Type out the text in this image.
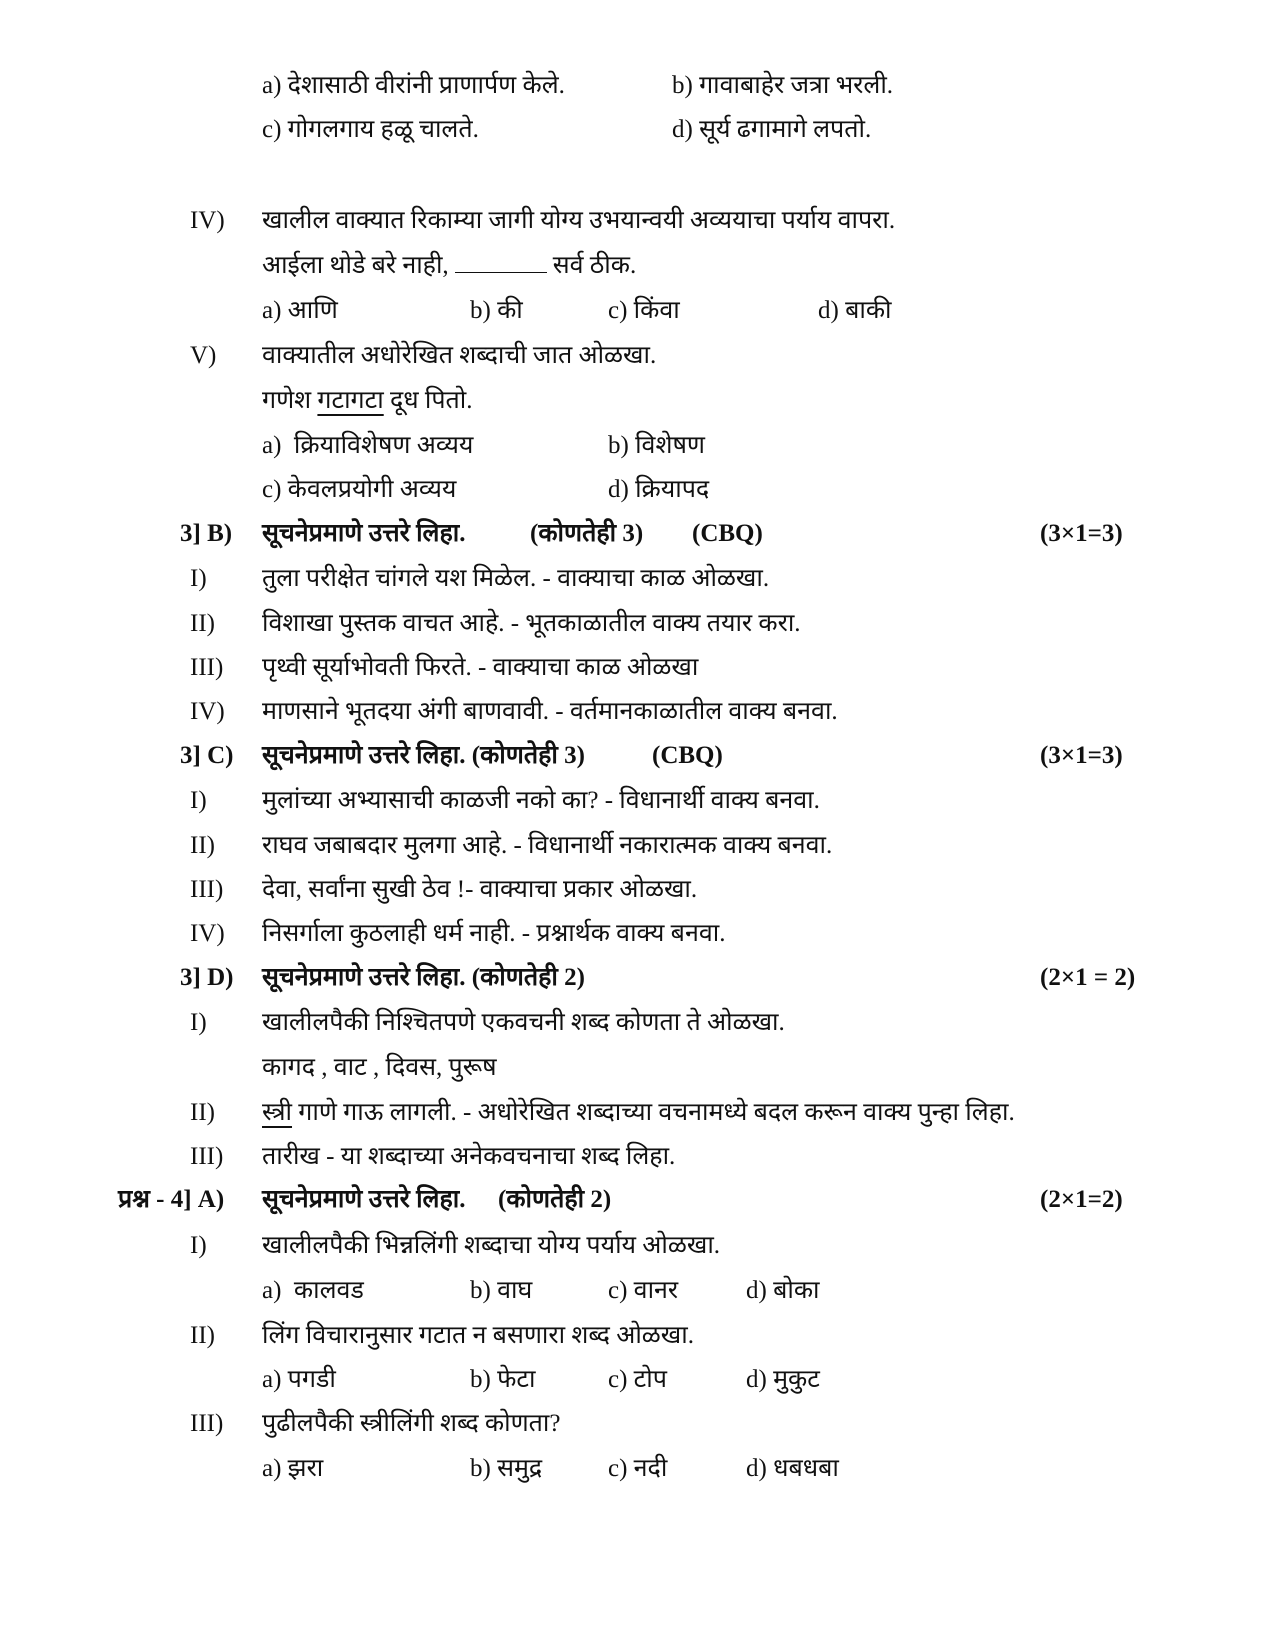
a) देशासाठी वीरांनी प्राणार्पण केले.	b) गावाबाहेर जत्रा भरली.
c) गोगलगाय हळू चालते.	d) सूर्य ढगामागे लपतो.
IV) खालील वाक्यात रिकाम्या जागी योग्य उभयान्वयी अव्ययाचा पर्याय वापरा.
आईला थोडे बरे नाही,	सर्व ठीक.
a) आणि	b) की	c) किंवा	d) बाकी
V) वाक्यातील अधोरेखित शब्दाची जात ओळखा.
गणेश गटागटा दूध पितो.
a) क्रियाविशेषण अव्यय	b) विशेषण
c) केवलप्रयोगी अव्यय	d) क्रियापद
3] B) सूचनेप्रमाणे उत्तरे लिहा.	(कोणतेही 3) (CBQ)	(3×1=3)
I) तुला परीक्षेत चांगले यश मिळेल. - वाक्याचा काळ ओळखा.
II) विशाखा पुस्तक वाचत आहे. - भूतकाळातील वाक्य तयार करा.
III) पृथ्वी सूर्याभोवती फिरते. - वाक्याचा काळ ओळखा
IV) माणसाने भूतदया अंगी बाणवावी. - वर्तमानकाळातील वाक्य बनवा.
3] C) सूचनेप्रमाणे उत्तरे लिहा. (कोणतेही 3)	(CBQ)	(3×1=3)
I) मुलांच्या अभ्यासाची काळजी नको का? - विधानार्थी वाक्य बनवा.
II) राघव जबाबदार मुलगा आहे. - विधानार्थी नकारात्मक वाक्य बनवा.
III) देवा, सर्वांना सुखी ठेव !- वाक्याचा प्रकार ओळखा.
IV) निसर्गाला कुठलाही धर्म नाही. - प्रश्नार्थक वाक्य बनवा.
3] D) सूचनेप्रमाणे उत्तरे लिहा. (कोणतेही 2)	(2×1 = 2)
I) खालीलपैकी निश्चितपणे एकवचनी शब्द कोणता ते ओळखा.
कागद , वाट , दिवस, पुरूष
II) स्त्री गाणे गाऊ लागली. - अधोरेखित शब्दाच्या वचनामध्ये बदल करून वाक्य पुन्हा लिहा.
III) तारीख - या शब्दाच्या अनेकवचनाचा शब्द लिहा.
प्रश्न - 4] A) सूचनेप्रमाणे उत्तरे लिहा. (कोणतेही 2)	(2×1=2)
I) खालीलपैकी भिन्नलिंगी शब्दाचा योग्य पर्याय ओळखा.
a) कालवड	b) वाघ	c) वानर	d) बोका
II) लिंग विचारानुसार गटात न बसणारा शब्द ओळखा.
a) पगडी	b) फेटा	c) टोप	d) मुकुट
III) पुढीलपैकी स्त्रीलिंगी शब्द कोणता?
a) झरा	b) समुद्र	c) नदी	d) धबधबा
